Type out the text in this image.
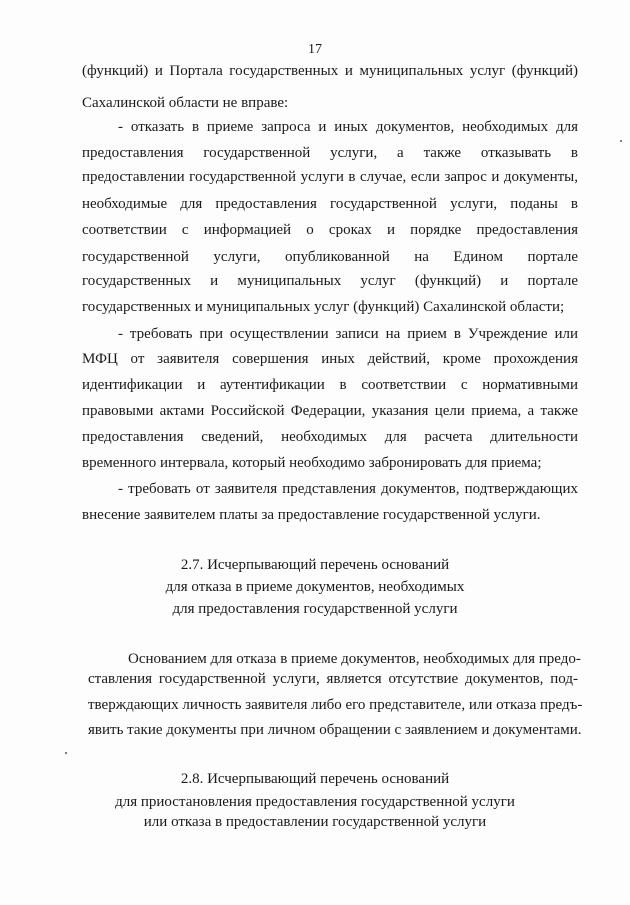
17
(функций) и Портала государственных и муниципальных услуг (функций)
Сахалинской области не вправе:
- отказать в приеме запроса и иных документов, необходимых для
предоставления государственной услуги, а также отказывать в
предоставлении государственной услуги в случае, если запрос и документы,
необходимые для предоставления государственной услуги, поданы в
соответствии с информацией о сроках и порядке предоставления
государственной услуги, опубликованной на Едином портале
государственных и муниципальных услуг (функций) и портале
государственных и муниципальных услуг (функций) Сахалинской области;
- требовать при осуществлении записи на прием в Учреждение или
МФЦ от заявителя совершения иных действий, кроме прохождения
идентификации и аутентификации в соответствии с нормативными
правовыми актами Российской Федерации, указания цели приема, а также
предоставления сведений, необходимых для расчета длительности
временного интервала, который необходимо забронировать для приема;
- требовать от заявителя представления документов, подтверждающих
внесение заявителем платы за предоставление государственной услуги.
2.7. Исчерпывающий перечень оснований
для отказа в приеме документов, необходимых
для предоставления государственной услуги
Основанием для отказа в приеме документов, необходимых для предо-
ставления государственной услуги, является отсутствие документов, под-
тверждающих личность заявителя либо его представителе, или отказа предъ-
явить такие документы при личном обращении с заявлением и документами.
2.8. Исчерпывающий перечень оснований
для приостановления предоставления государственной услуги
или отказа в предоставлении государственной услуги
